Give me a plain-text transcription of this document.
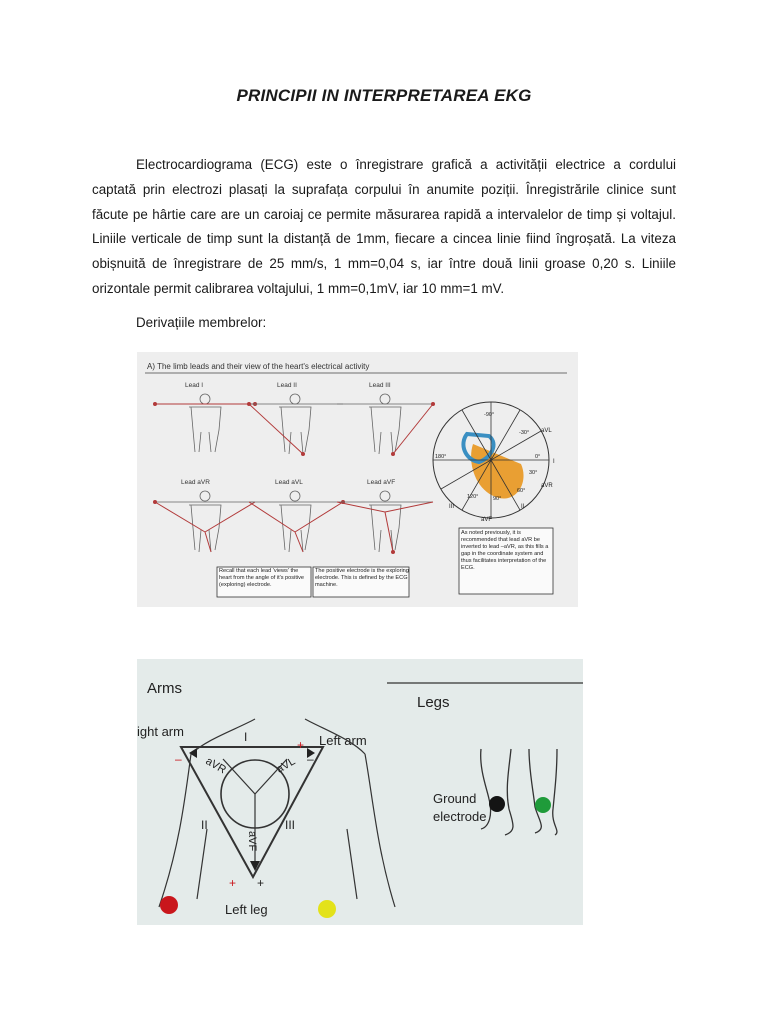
PRINCIPII IN INTERPRETAREA EKG

Electrocardiograma (ECG) este o înregistrare grafică a activității electrice a cordului captată prin electrozi plasați la suprafața corpului în anumite poziții. Înregistrările clinice sunt făcute pe hârtie care are un caroiaj ce permite măsurarea rapidă a intervalelor de timp și voltajul. Liniile verticale de timp sunt la distanță de 1mm, fiecare a cincea linie fiind îngroșată. La viteza obișnuită de înregistrare de 25 mm/s, 1 mm=0,04 s, iar între două linii groase 0,20 s. Liniile orizontale permit calibrarea voltajului, 1 mm=0,1mV, iar 10 mm=1 mV.

Derivațiile membrelor:
A) The limb leads and their view of the heart's electrical activity
Lead I	Lead II	Lead III
Lead aVR	Lead aVL	Lead aVF
-90°
-30° aVL
0°
I
180°
30°
aVR
60°
120°	90°
II
III
aVF
Recall that each lead 'views' the heart from the angle of it's positive (exploring) electrode.
The positive electrode is the exploring electrode. This is defined by the ECG machine.
As noted previously, it is recommended that lead aVR be inverted to lead –aVR, as this fills a gap in the coordinate system and thus facilitates interpretation of the ECG.
Arms
Legs
ight arm
Left arm
I
II	III
aVR	aVL
aVF
–
+
–
+ +
Left leg
Ground
electrode
